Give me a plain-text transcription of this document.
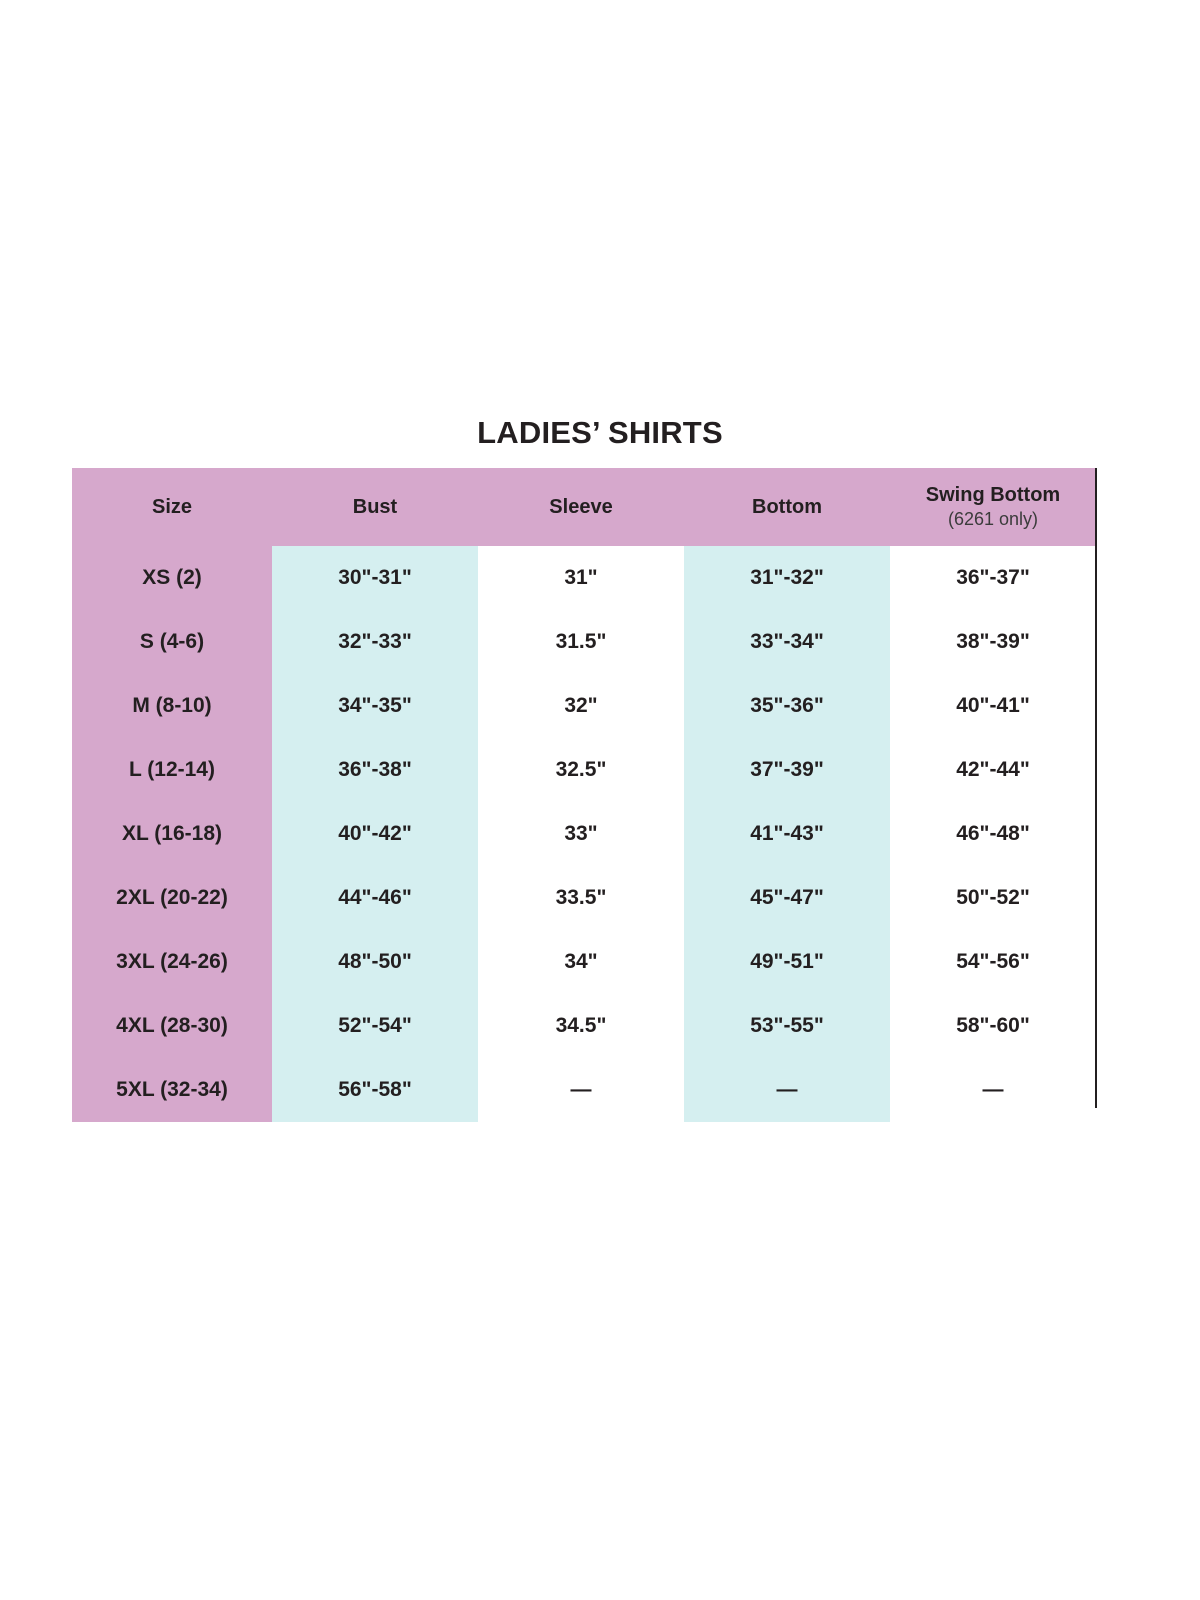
LADIES’ SHIRTS
Size	Bust	Sleeve	Bottom	Swing Bottom
(6261 only)

XS (2)	30"-31"	31"	31"-32"	36"-37"
S (4-6)	32"-33"	31.5"	33"-34"	38"-39"
M (8-10)	34"-35"	32"	35"-36"	40"-41"
L (12-14)	36"-38"	32.5"	37"-39"	42"-44"
XL (16-18)	40"-42"	33"	41"-43"	46"-48"
2XL (20-22)	44"-46"	33.5"	45"-47"	50"-52"
3XL (24-26)	48"-50"	34"	49"-51"	54"-56"
4XL (28-30)	52"-54"	34.5"	53"-55"	58"-60"
5XL (32-34)	56"-58"	—	—	—
